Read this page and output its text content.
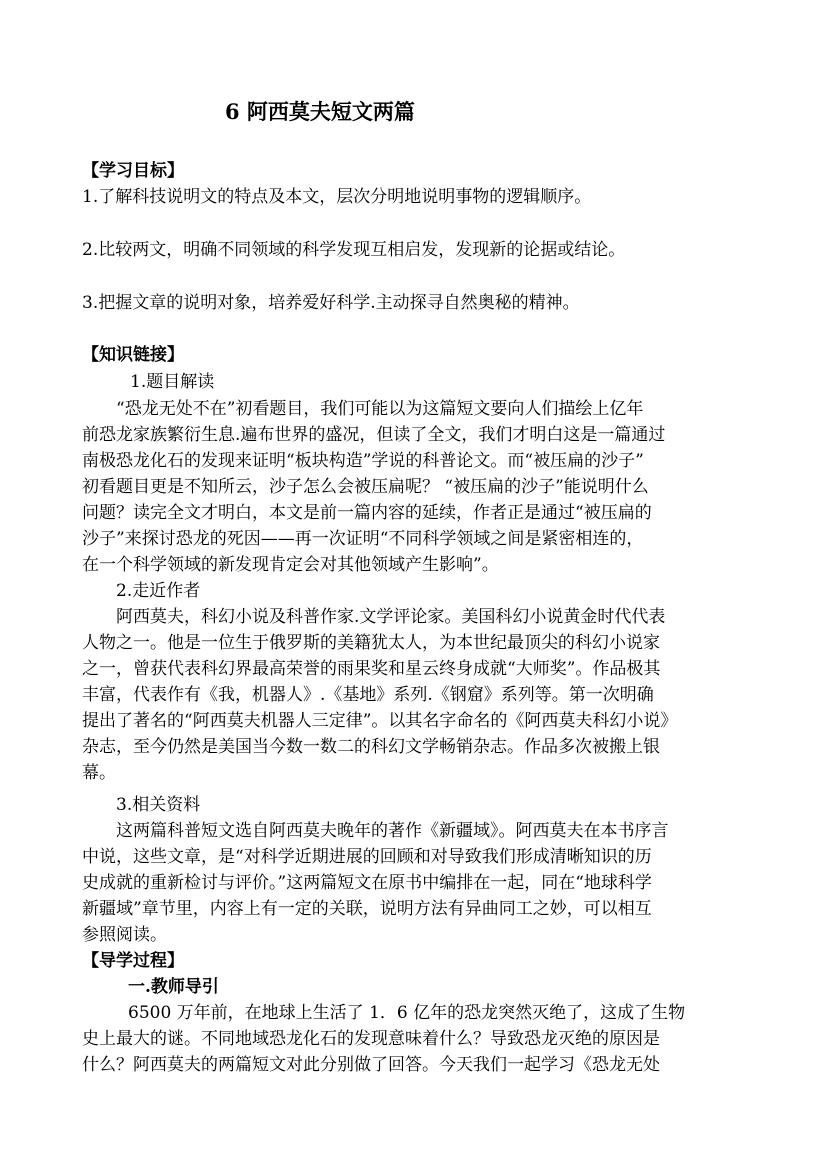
6 阿西莫夫短文两篇
【学习目标】
1.了解科技说明文的特点及本文，层次分明地说明事物的逻辑顺序。
2.比较两文，明确不同领域的科学发现互相启发，发现新的论据或结论。
3.把握文章的说明对象，培养爱好科学.主动探寻自然奥秘的精神。
【知识链接】
1.题目解读
“恐龙无处不在”初看题目，我们可能以为这篇短文要向人们描绘上亿年
前恐龙家族繁衍生息.遍布世界的盛况，但读了全文，我们才明白这是一篇通过
南极恐龙化石的发现来证明“板块构造”学说的科普论文。而“被压扁的沙子”
初看题目更是不知所云，沙子怎么会被压扁呢？ “被压扁的沙子”能说明什么
问题？读完全文才明白，本文是前一篇内容的延续，作者正是通过“被压扁的
沙子”来探讨恐龙的死因——再一次证明“不同科学领域之间是紧密相连的，
在一个科学领域的新发现肯定会对其他领域产生影响”。
2.走近作者
阿西莫夫，科幻小说及科普作家.文学评论家。美国科幻小说黄金时代代表
人物之一。他是一位生于俄罗斯的美籍犹太人，为本世纪最顶尖的科幻小说家
之一，曾获代表科幻界最高荣誉的雨果奖和星云终身成就“大师奖”。作品极其
丰富，代表作有《我，机器人》.《基地》系列.《钢窟》系列等。第一次明确
提出了著名的“阿西莫夫机器人三定律”。以其名字命名的《阿西莫夫科幻小说》
杂志，至今仍然是美国当今数一数二的科幻文学畅销杂志。作品多次被搬上银
幕。
3.相关资料
这两篇科普短文选自阿西莫夫晚年的著作《新疆域》。阿西莫夫在本书序言
中说，这些文章，是“对科学近期进展的回顾和对导致我们形成清晰知识的历
史成就的重新检讨与评价。”这两篇短文在原书中编排在一起，同在“地球科学
新疆域”章节里，内容上有一定的关联，说明方法有异曲同工之妙，可以相互
参照阅读。
【导学过程】
一.教师导引
6500 万年前，在地球上生活了 1．6 亿年的恐龙突然灭绝了，这成了生物
史上最大的谜。不同地域恐龙化石的发现意味着什么？导致恐龙灭绝的原因是
什么？阿西莫夫的两篇短文对此分别做了回答。今天我们一起学习《恐龙无处
